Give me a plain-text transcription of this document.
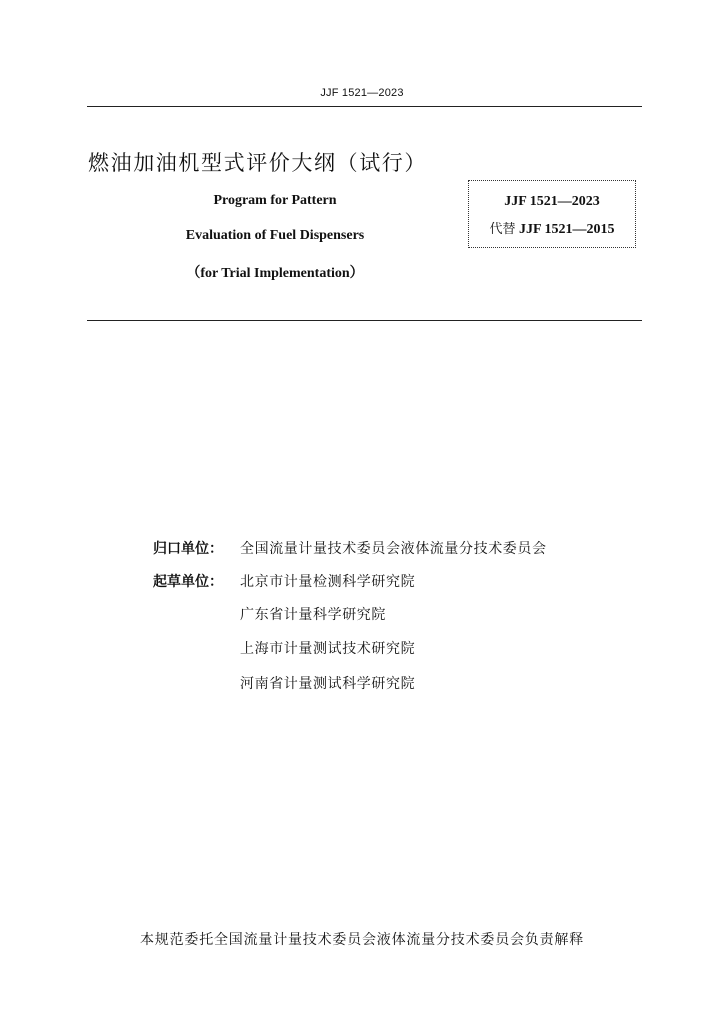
JJF 1521—2023
燃油加油机型式评价大纲（试行）
Program for Pattern
Evaluation of Fuel Dispensers
（for Trial Implementation）
JJF 1521—2023
代替 JJF 1521—2015
归口单位：	全国流量计量技术委员会液体流量分技术委员会
起草单位：	北京市计量检测科学研究院
广东省计量科学研究院
上海市计量测试技术研究院
河南省计量测试科学研究院
本规范委托全国流量计量技术委员会液体流量分技术委员会负责解释
